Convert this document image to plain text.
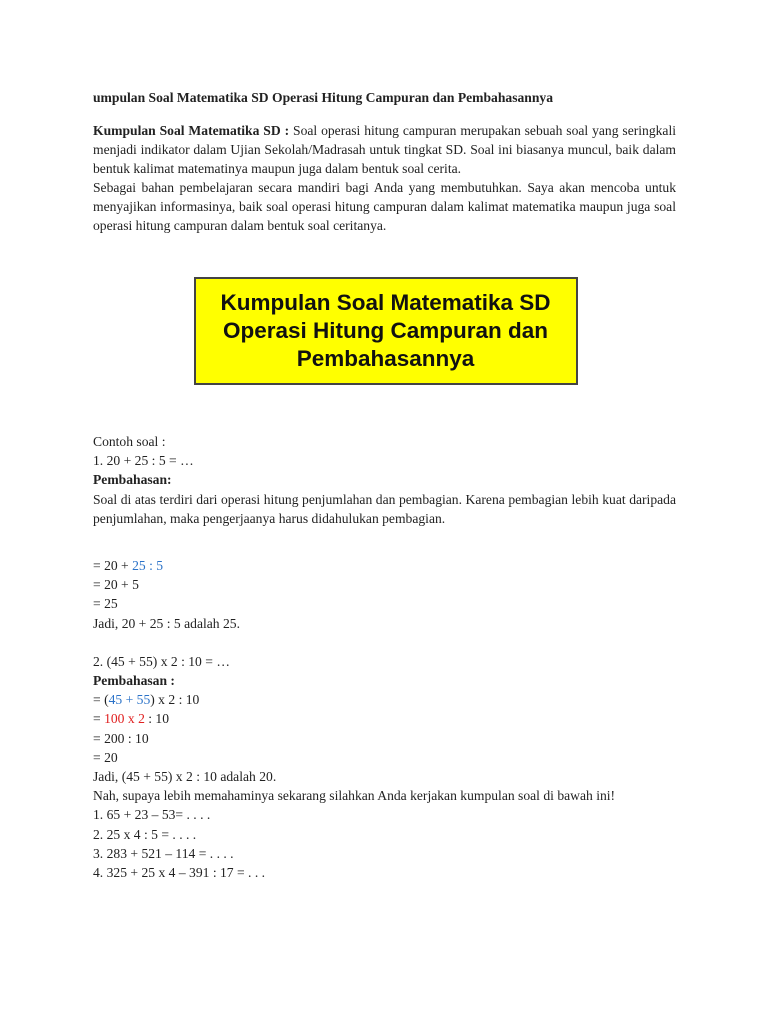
umpulan Soal Matematika SD Operasi Hitung Campuran dan Pembahasannya

Kumpulan Soal Matematika SD : Soal operasi hitung campuran merupakan sebuah soal yang seringkali menjadi indikator dalam Ujian Sekolah/Madrasah untuk tingkat SD. Soal ini biasanya muncul, baik dalam bentuk kalimat matematinya maupun juga dalam bentuk soal cerita.

Sebagai bahan pembelajaran secara mandiri bagi Anda yang membutuhkan. Saya akan mencoba untuk menyajikan informasinya, baik soal operasi hitung campuran dalam kalimat matematika maupun juga soal operasi hitung campuran dalam bentuk soal ceritanya.

Kumpulan Soal Matematika SD
Operasi Hitung Campuran dan
Pembahasannya

Contoh soal :

1. 20 + 25 : 5 = …

Pembahasan:

Soal di atas terdiri dari operasi hitung penjumlahan dan pembagian. Karena pembagian lebih kuat daripada penjumlahan, maka pengerjaanya harus didahulukan pembagian.

= 20 + 25 : 5

= 20 + 5

= 25

Jadi, 20 + 25 : 5 adalah 25.

2. (45 + 55) x 2 : 10 = …

Pembahasan :

= (45 + 55) x 2 : 10

= 100 x 2 : 10

= 200 : 10

= 20

Jadi, (45 + 55) x 2 : 10 adalah 20.

Nah, supaya lebih memahaminya sekarang silahkan Anda kerjakan kumpulan soal di bawah ini!

1. 65 + 23 – 53= . . . .

2. 25 x 4 : 5 = . . . .

3. 283 + 521 – 114 = . . . .

4. 325 + 25 x 4 – 391 : 17 = . . .
